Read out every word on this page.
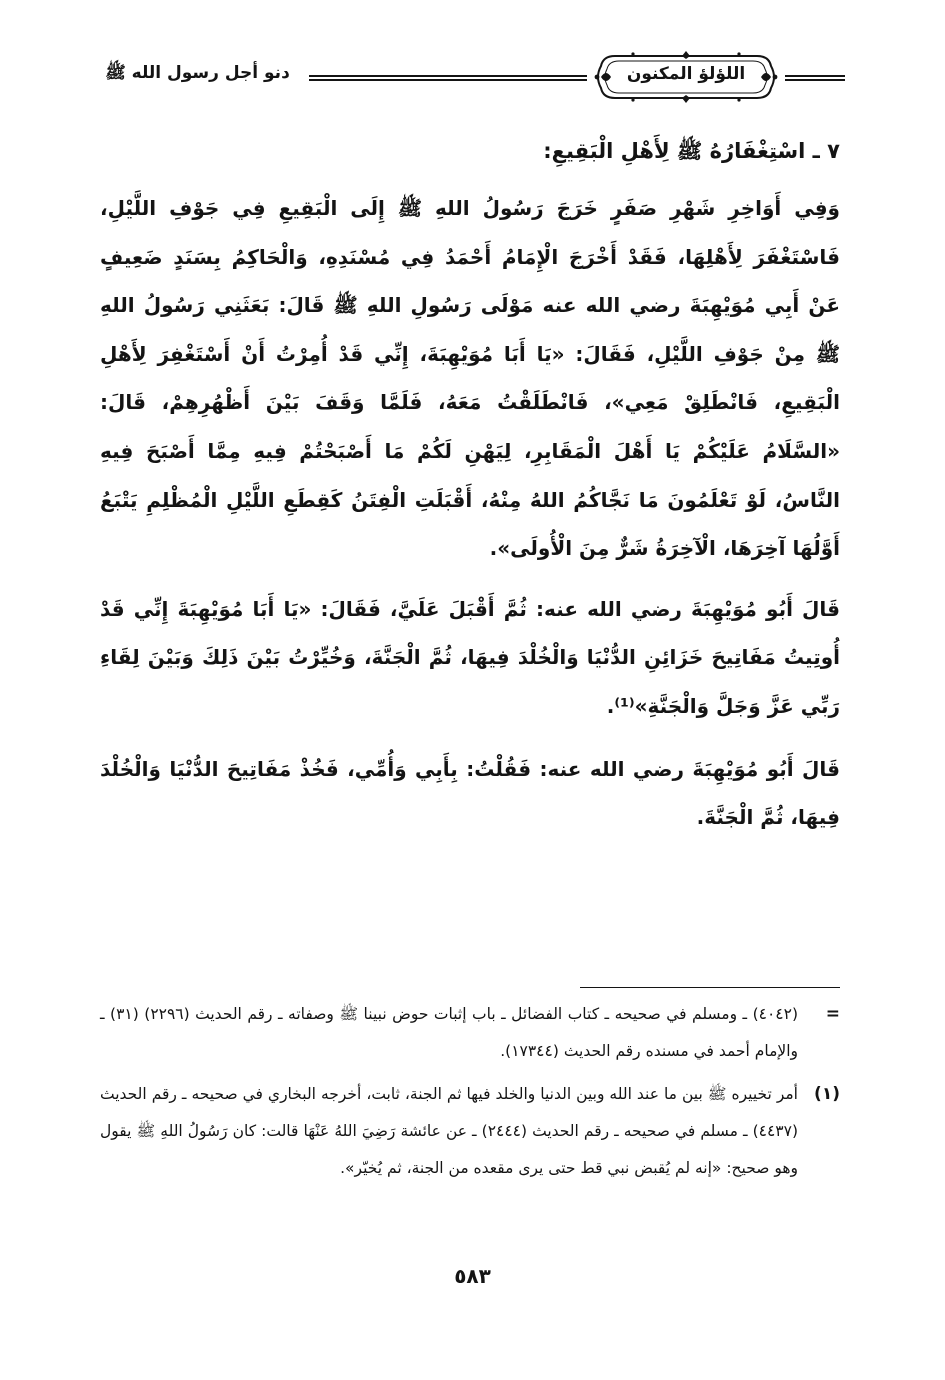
دنو أجل رسول الله ﷺ	اللؤلؤ المكنون
٧ ـ اسْتِغْفَارُهُ ﷺ لِأَهْلِ الْبَقِيعِ:

وَفِي أَوَاخِرِ شَهْرِ صَفَرٍ خَرَجَ رَسُولُ اللهِ ﷺ إِلَى الْبَقِيعِ فِي جَوْفِ اللَّيْلِ، فَاسْتَغْفَرَ لِأَهْلِهَا، فَقَدْ أَخْرَجَ الْإِمَامُ أَحْمَدُ فِي مُسْنَدِهِ، وَالْحَاكِمُ بِسَنَدٍ ضَعِيفٍ عَنْ أَبِي مُوَيْهِبَةَ رضي الله عنه مَوْلَى رَسُولِ اللهِ ﷺ قَالَ: بَعَثَنِي رَسُولُ اللهِ ﷺ مِنْ جَوْفِ اللَّيْلِ، فَقَالَ: «يَا أَبَا مُوَيْهِبَةَ، إِنِّي قَدْ أُمِرْتُ أَنْ أَسْتَغْفِرَ لِأَهْلِ الْبَقِيعِ، فَانْطَلِقْ مَعِي»، فَانْطَلَقْتُ مَعَهُ، فَلَمَّا وَقَفَ بَيْنَ أَظْهُرِهِمْ، قَالَ: «السَّلَامُ عَلَيْكُمْ يَا أَهْلَ الْمَقَابِرِ، لِيَهْنِ لَكُمْ مَا أَصْبَحْتُمْ فِيهِ مِمَّا أَصْبَحَ فِيهِ النَّاسُ، لَوْ تَعْلَمُونَ مَا نَجَّاكُمُ اللهُ مِنْهُ، أَقْبَلَتِ الْفِتَنُ كَقِطَعِ اللَّيْلِ الْمُظْلِمِ يَتْبَعُ أَوَّلُهَا آخِرَهَا، الْآخِرَةُ شَرٌّ مِنَ الْأُولَى».

قَالَ أَبُو مُوَيْهِبَةَ رضي الله عنه: ثُمَّ أَقْبَلَ عَلَيَّ، فَقَالَ: «يَا أَبَا مُوَيْهِبَةَ إِنِّي قَدْ أُوتِيتُ مَفَاتِيحَ خَزَائِنِ الدُّنْيَا وَالْخُلْدَ فِيهَا، ثُمَّ الْجَنَّةَ، وَخُيِّرْتُ بَيْنَ ذَلِكَ وَبَيْنَ لِقَاءِ رَبِّي عَزَّ وَجَلَّ وَالْجَنَّةِ»⁽¹⁾.

قَالَ أَبُو مُوَيْهِبَةَ رضي الله عنه: فَقُلْتُ: بِأَبِي وَأُمِّي، فَخُذْ مَفَاتِيحَ الدُّنْيَا وَالْخُلْدَ فِيهَا، ثُمَّ الْجَنَّةَ.

=
(٤٠٤٢) ـ ومسلم في صحيحه ـ كتاب الفضائل ـ باب إثبات حوض نبينا ﷺ وصفاته ـ رقم الحديث (٢٢٩٦) (٣١) ـ والإمام أحمد في مسنده رقم الحديث (١٧٣٤٤).
(١)
أمر تخييره ﷺ بين ما عند الله وبين الدنيا والخلد فيها ثم الجنة، ثابت، أخرجه البخاري في صحيحه ـ رقم الحديث (٤٤٣٧) ـ مسلم في صحيحه ـ رقم الحديث (٢٤٤٤) ـ عن عائشة رَضِيَ اللهُ عَنْهَا قالت: كان رَسُولُ اللهِ ﷺ يقول وهو صحيح: «إنه لم يُقبض نبي قط حتى يرى مقعده من الجنة، ثم يُخيّر».
٥٨٣
